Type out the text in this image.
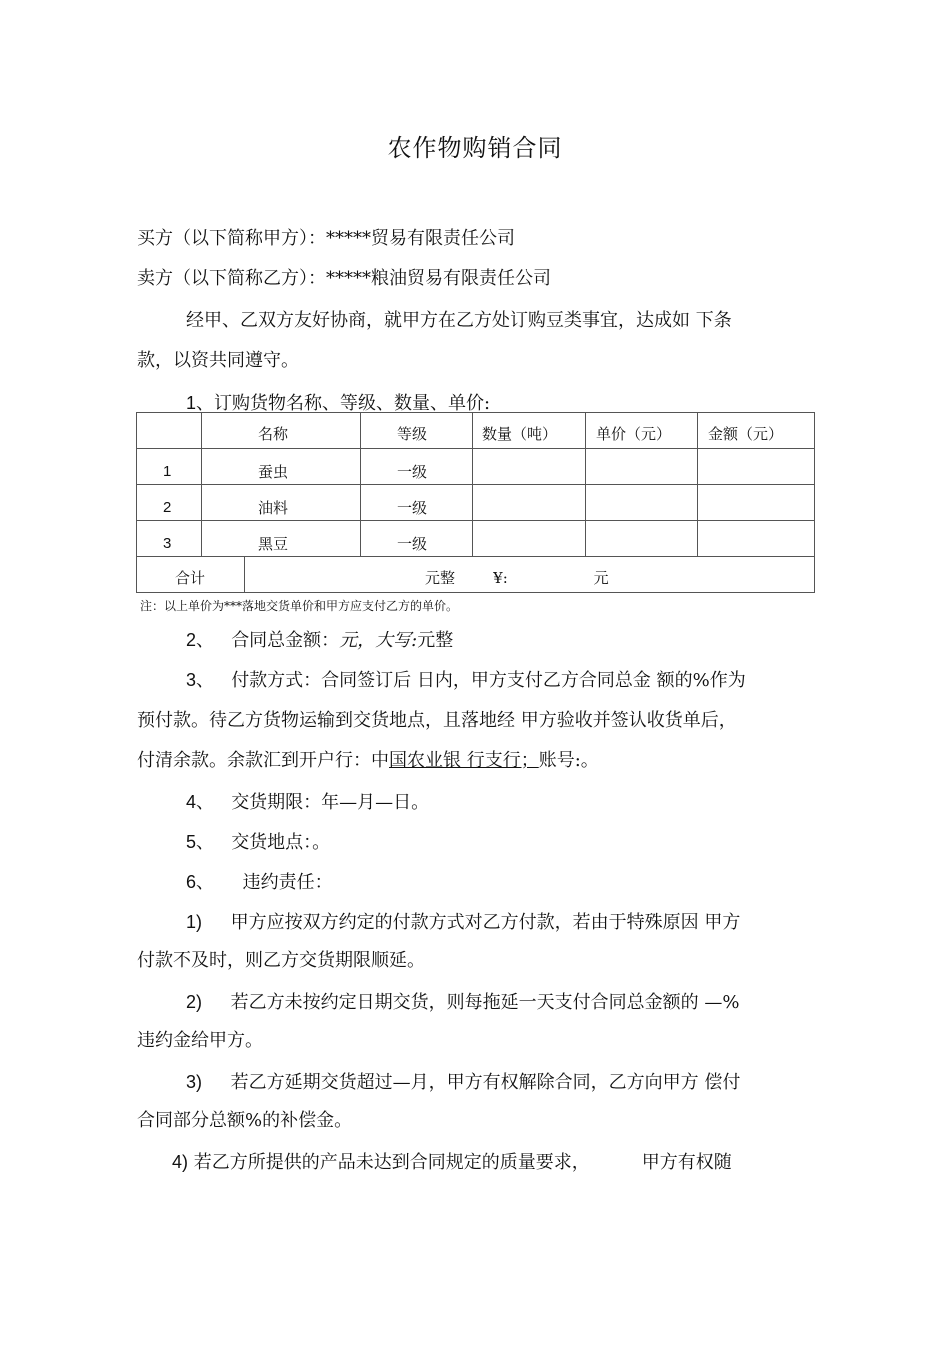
农作物购销合同
买方（以下简称甲方）：*****贸易有限责任公司
卖方（以下简称乙方）：*****粮油贸易有限责任公司
经甲、乙双方友好协商，就甲方在乙方处订购豆类事宜，达成如 下条
款，以资共同遵守。
1、订购货物名称、等级、数量、单价:

	名称		等级	数量（吨）	单价（元）	金额（元）

1	蚕虫		一级			

2	油料		一级			

3	黑豆		一级			

合计		元整        ¥:                  元				
注：以上单价为***落地交货单价和甲方应支付乙方的单价。
2、 合同总金额：元，大写:元整
3、 付款方式：合同签订后 日内，甲方支付乙方合同总金 额的%作为
预付款。待乙方货物运输到交货地点，且落地经 甲方验收并签认收货单后，
付清余款。余款汇到开户行：中国农业银 行支行；账号:。
4、 交货期限：年—月—日。
5、 交货地点：。
6、 违约责任：
1) 甲方应按双方约定的付款方式对乙方付款，若由于特殊原因 甲方
付款不及时，则乙方交货期限顺延。
2) 若乙方未按约定日期交货，则每拖延一天支付合同总金额的 —%
违约金给甲方。
3) 若乙方延期交货超过—月，甲方有权解除合同，乙方向甲方 偿付
合同部分总额%的补偿金。
4) 若乙方所提供的产品未达到合同规定的质量要求，	甲方有权随
